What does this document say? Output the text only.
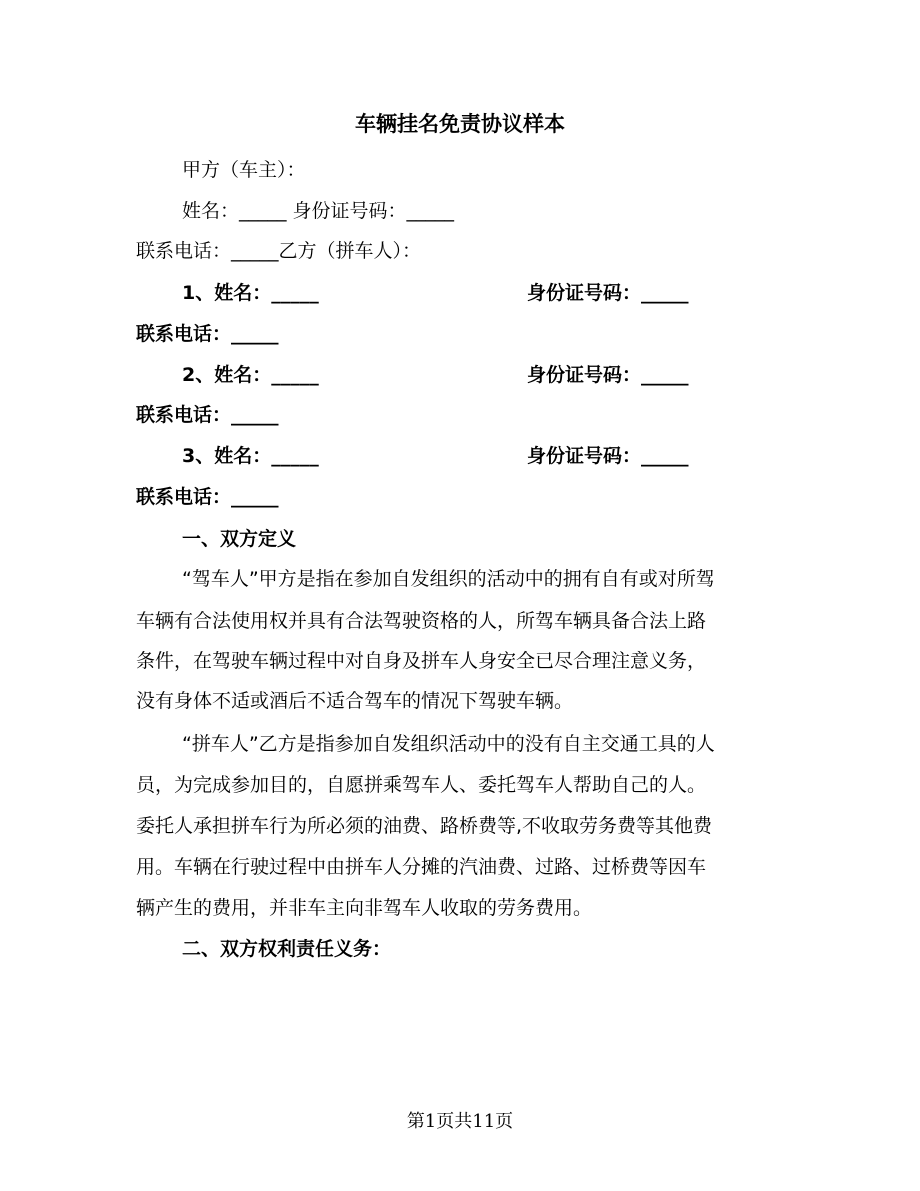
车辆挂名免责协议样本
甲方（车主）：
姓名：_____ 身份证号码：_____
联系电话：_____乙方（拼车人）：
1、姓名：_____	身份证号码：_____
联系电话：_____
2、姓名：_____	身份证号码：_____
联系电话：_____
3、姓名：_____	身份证号码：_____
联系电话：_____
一、双方定义
“驾车人”甲方是指在参加自发组织的活动中的拥有自有或对所驾
车辆有合法使用权并具有合法驾驶资格的人，所驾车辆具备合法上路
条件，在驾驶车辆过程中对自身及拼车人身安全已尽合理注意义务，
没有身体不适或酒后不适合驾车的情况下驾驶车辆。
“拼车人”乙方是指参加自发组织活动中的没有自主交通工具的人
员，为完成参加目的，自愿拼乘驾车人、委托驾车人帮助自己的人。
委托人承担拼车行为所必须的油费、路桥费等,不收取劳务费等其他费
用。车辆在行驶过程中由拼车人分摊的汽油费、过路、过桥费等因车
辆产生的费用，并非车主向非驾车人收取的劳务费用。
二、双方权利责任义务：
第1页共11页
